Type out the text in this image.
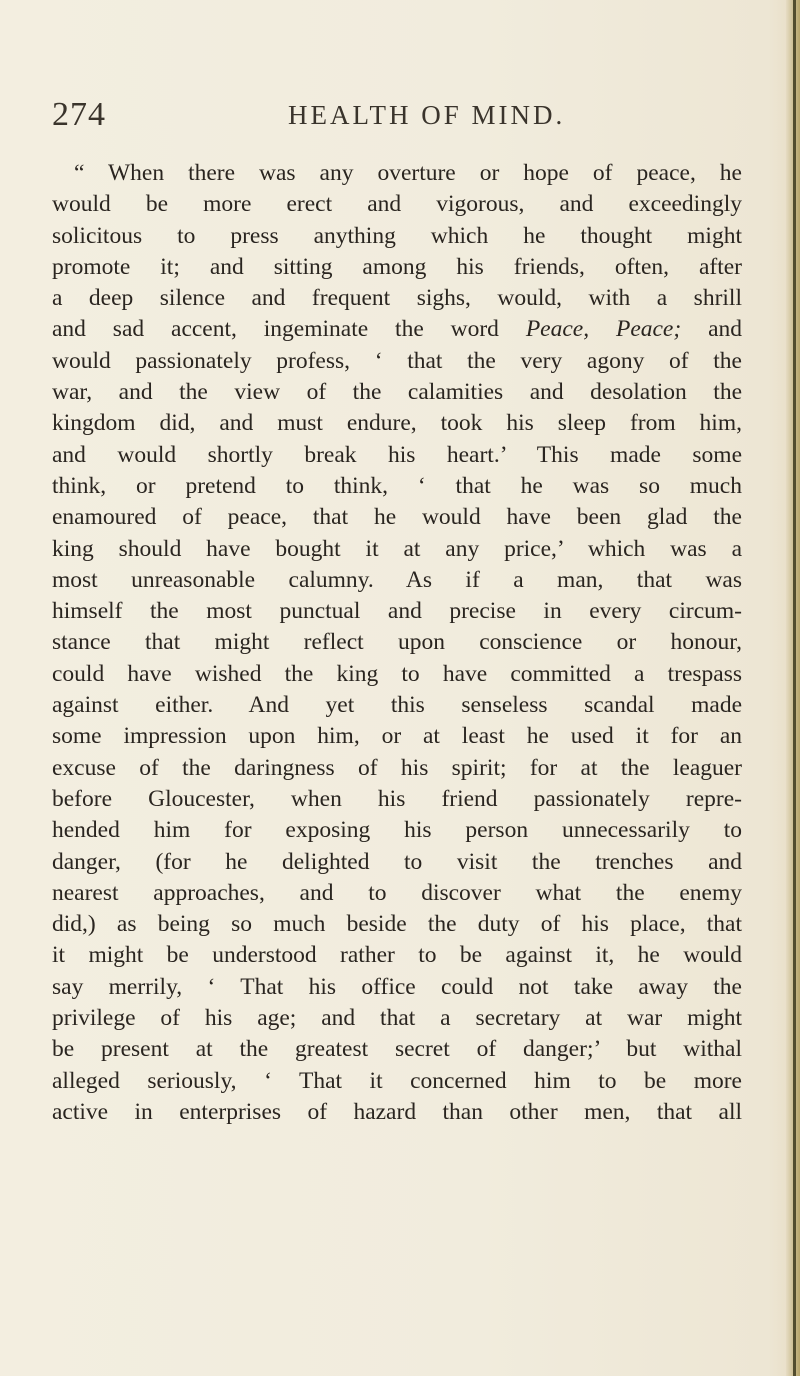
274	HEALTH OF MIND.
“ When there was any overture or hope of peace, he
would be more erect and vigorous, and exceedingly
solicitous to press anything which he thought might
promote it; and sitting among his friends, often, after
a deep silence and frequent sighs, would, with a shrill
and sad accent, ingeminate the word Peace, Peace; and
would passionately profess, ‘ that the very agony of the
war, and the view of the calamities and desolation the
kingdom did, and must endure, took his sleep from him,
and would shortly break his heart.’ This made some
think, or pretend to think, ‘ that he was so much
enamoured of peace, that he would have been glad the
king should have bought it at any price,’ which was a
most unreasonable calumny. As if a man, that was
himself the most punctual and precise in every circum-
stance that might reflect upon conscience or honour,
could have wished the king to have committed a trespass
against either. And yet this senseless scandal made
some impression upon him, or at least he used it for an
excuse of the daringness of his spirit; for at the leaguer
before Gloucester, when his friend passionately repre-
hended him for exposing his person unnecessarily to
danger, (for he delighted to visit the trenches and
nearest approaches, and to discover what the enemy
did,) as being so much beside the duty of his place, that
it might be understood rather to be against it, he would
say merrily, ‘ That his office could not take away the
privilege of his age; and that a secretary at war might
be present at the greatest secret of danger;’ but withal
alleged seriously, ‘ That it concerned him to be more
active in enterprises of hazard than other men, that all
